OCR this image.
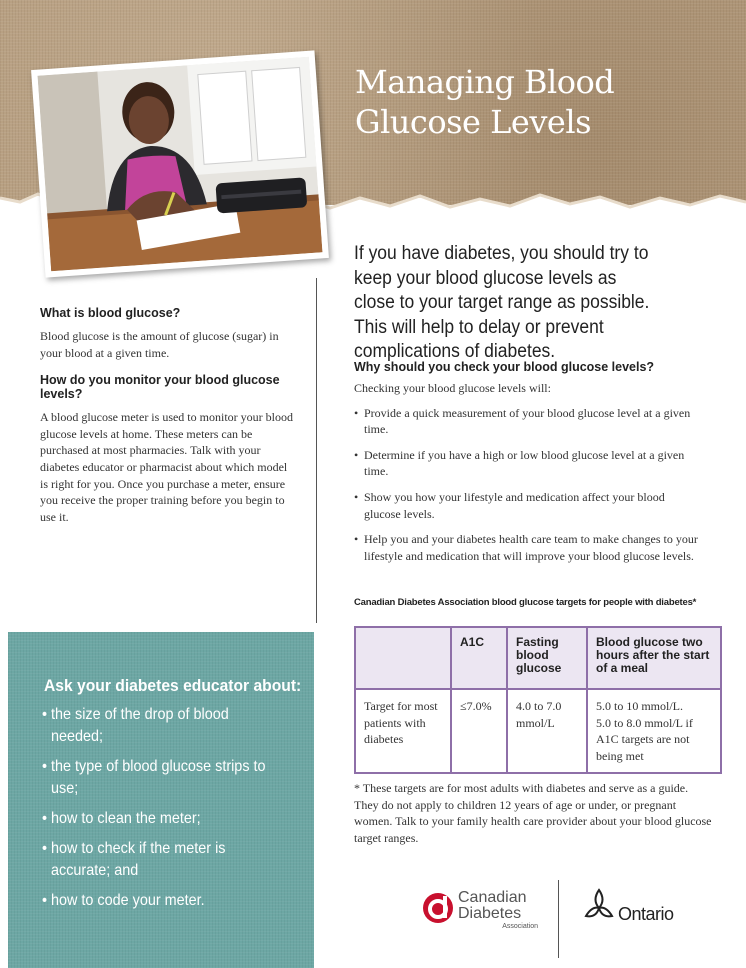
Managing Blood
Glucose Levels

If you have diabetes, you should try to keep your blood glucose levels as close to your target range as possible. This will help to delay or prevent complications of diabetes.

What is blood glucose?

Blood glucose is the amount of glucose (sugar) in your blood at a given time.

How do you monitor your blood glucose levels?

A blood glucose meter is used to monitor your blood glucose levels at home. These meters can be purchased at most pharmacies. Talk with your diabetes educator or pharmacist about which model is right for you. Once you purchase a meter, ensure you receive the proper training before you begin to use it.

Why should you check your blood glucose levels?

Checking your blood glucose levels will:

• Provide a quick measurement of your blood glucose level at a given time.
• Determine if you have a high or low blood glucose level at a given time.
• Show you how your lifestyle and medication affect your blood glucose levels.
• Help you and your diabetes health care team to make changes to your lifestyle and medication that will improve your blood glucose levels.

Canadian Diabetes Association blood glucose targets for people with diabetes*

	A1C	Fasting blood glucose	Blood glucose two hours after the start of a meal
Target for most patients with diabetes	≤7.0%	4.0 to 7.0 mmol/L	5.0 to 10 mmol/L.
5.0 to 8.0 mmol/L if A1C targets are not being met

* These targets are for most adults with diabetes and serve as a guide. They do not apply to children 12 years of age or under, or pregnant women. Talk to your family health care provider about your blood glucose target ranges.

Ask your diabetes educator about:
• the size of the drop of blood needed;
• the type of blood glucose strips to use;
• how to clean the meter;
• how to check if the meter is accurate; and
• how to code your meter.	Canadian
Diabetes
Association
Ontario
